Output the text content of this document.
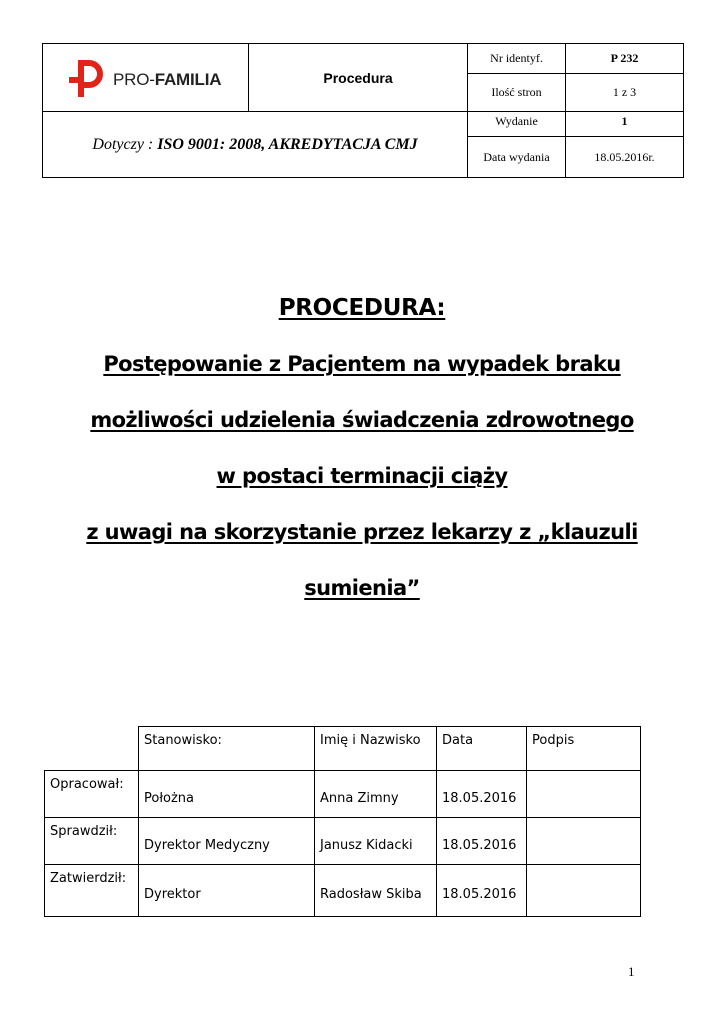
PRO-FAMILIA	Procedura	Nr identyf.	P 232
		Ilość stron	1 z 3
Dotyczy : ISO 9001: 2008, AKREDYTACJA CMJ		Wydanie	1
		Data wydania	18.05.2016r.
PROCEDURA:
Postępowanie z Pacjentem na wypadek braku
możliwości udzielenia świadczenia zdrowotnego
w postaci terminacji ciąży
z uwagi na skorzystanie przez lekarzy z „klauzuli
sumienia”
	Stanowisko:	Imię i Nazwisko	Data	Podpis
Opracował:	Położna	Anna Zimny	18.05.2016	
Sprawdził:	Dyrektor Medyczny	Janusz Kidacki	18.05.2016	
Zatwierdził:	Dyrektor	Radosław Skiba	18.05.2016	
1
